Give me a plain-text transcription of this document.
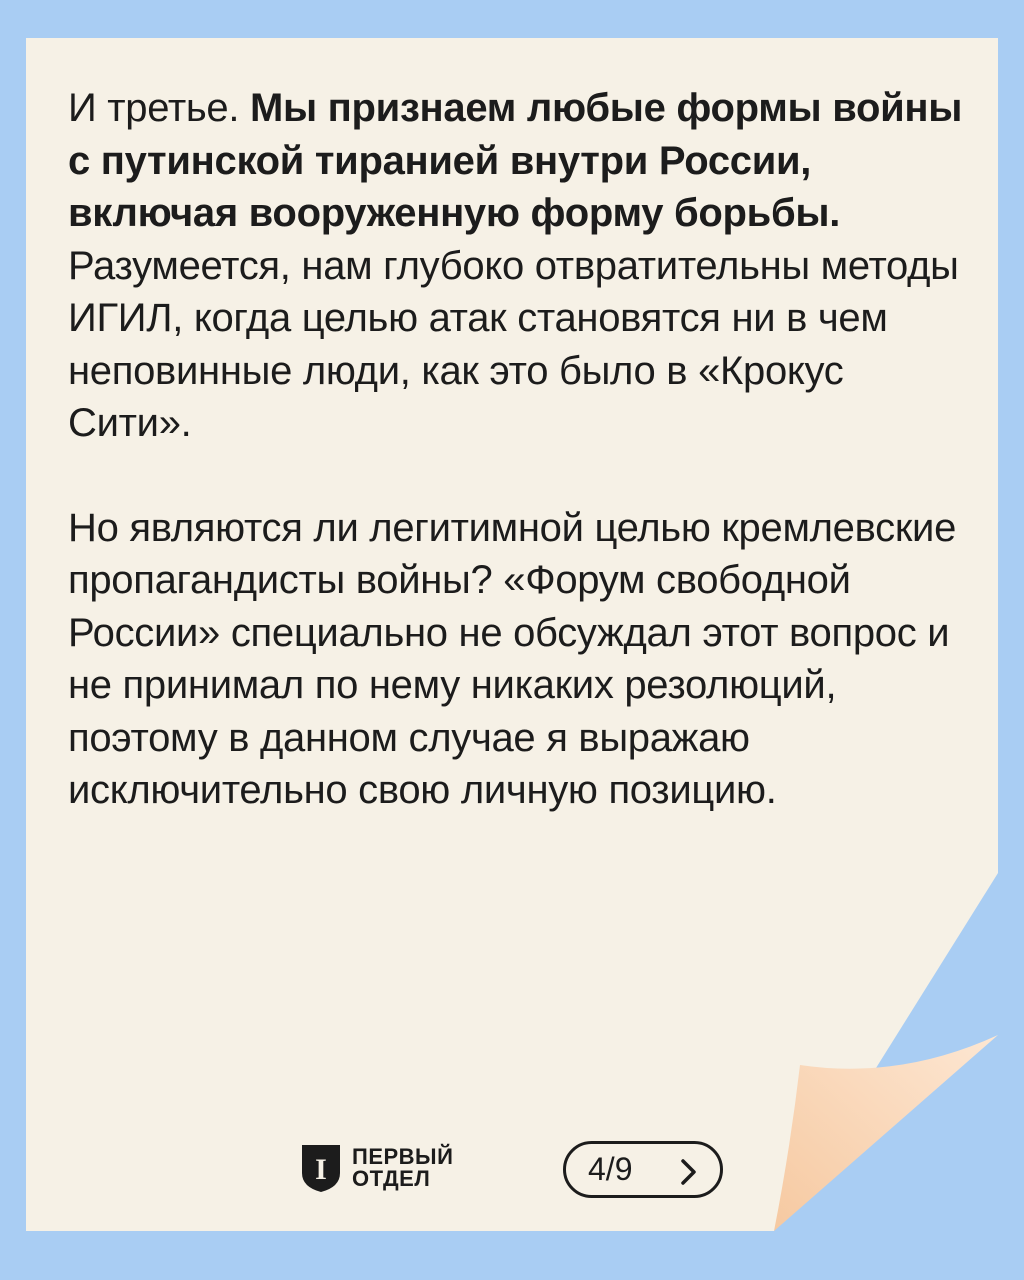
И третье. Мы признаем любые формы войны с путинской тиранией внутри России, включая вооруженную форму борьбы. Разумеется, нам глубоко отвратительны методы ИГИЛ, когда целью атак становятся ни в чем неповинные люди, как это было в «Крокус Сити».

Но являются ли легитимной целью кремлевские пропагандисты войны? «Форум свободной России» специально не обсуждал этот вопрос и не принимал по нему никаких резолюций, поэтому в данном случае я выражаю исключительно свою личную позицию.

I ПЕРВЫЙ
ОТДЕЛ	4/9
